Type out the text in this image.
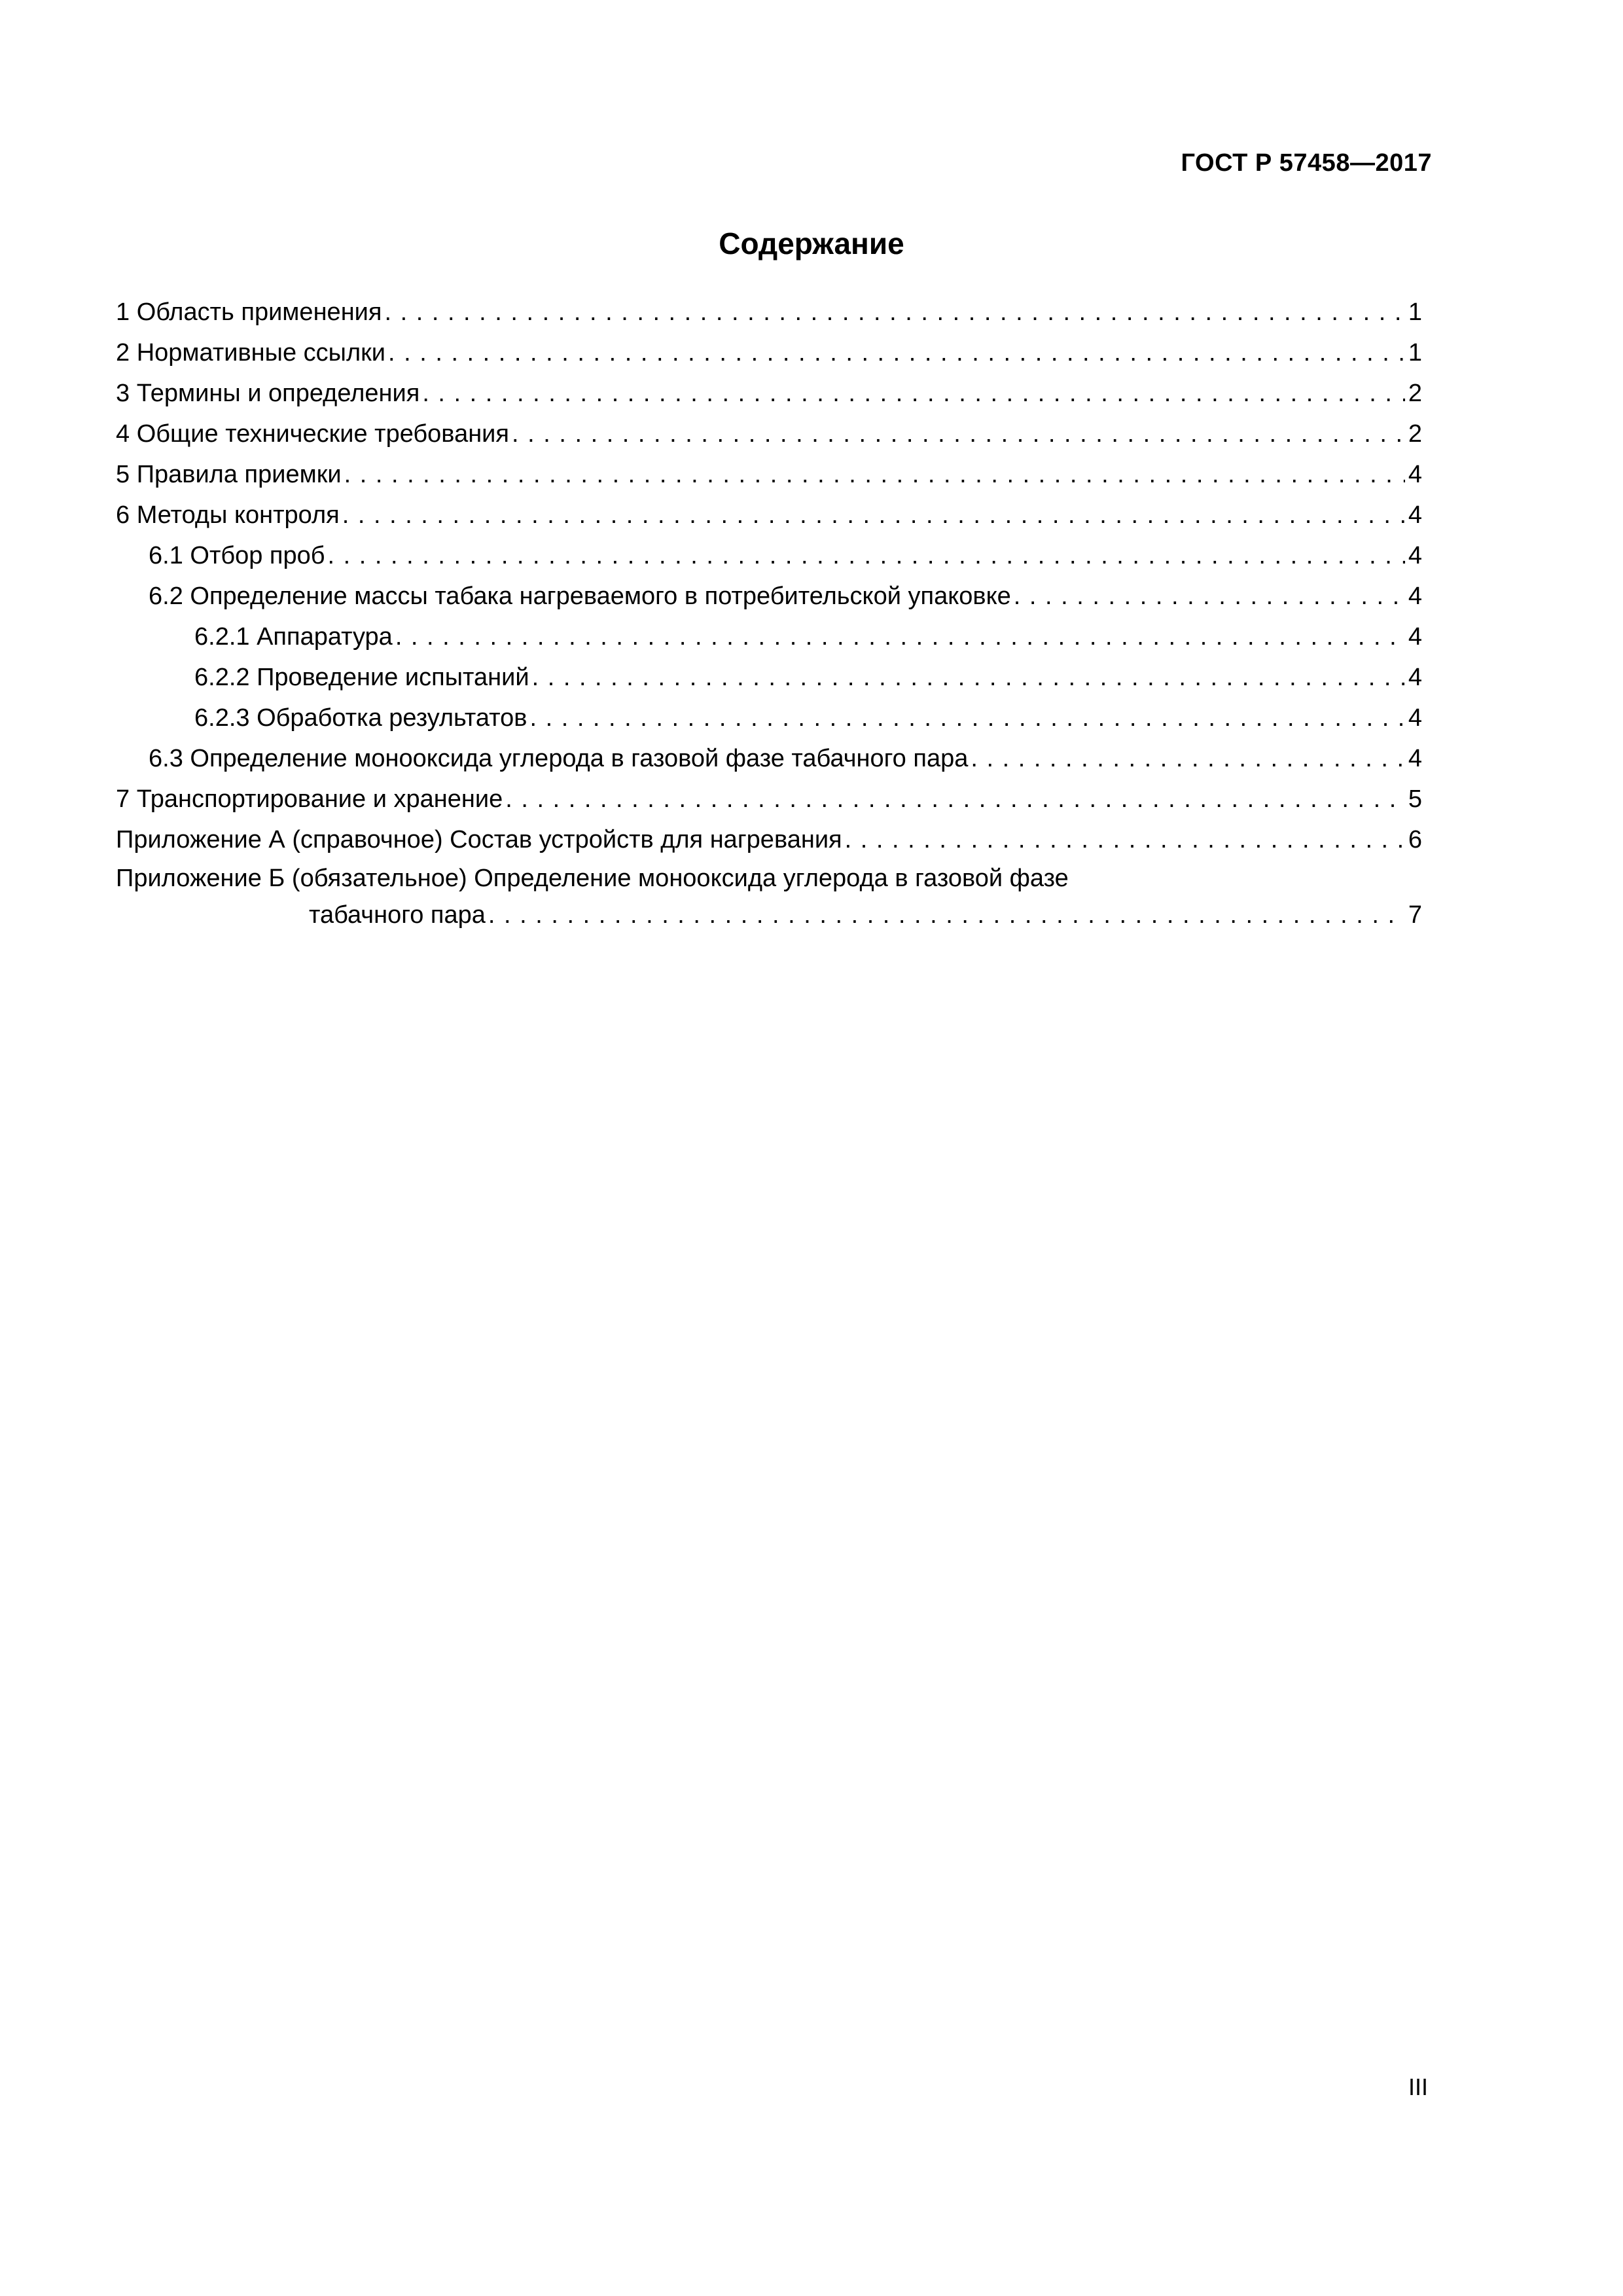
ГОСТ Р 57458—2017
Содержание
1 Область применения . . .	1
2 Нормативные ссылки . . .	1
3 Термины и определения . . .	2
4 Общие технические требования . . .	2
5 Правила приемки . . .	4
6 Методы контроля . . .	4
6.1 Отбор проб . . .	4
6.2 Определение массы табака нагреваемого в потребительской упаковке . . .	4
6.2.1 Аппаратура . . .	4
6.2.2 Проведение испытаний . . .	4
6.2.3 Обработка результатов . . .	4
6.3 Определение монооксида углерода в газовой фазе табачного пара . . .	4
7 Транспортирование и хранение . . .	5
Приложение А (справочное) Состав устройств для нагревания . . .	6
Приложение Б (обязательное) Определение монооксида углерода в газовой фазе
табачного пара . . .	7
III
